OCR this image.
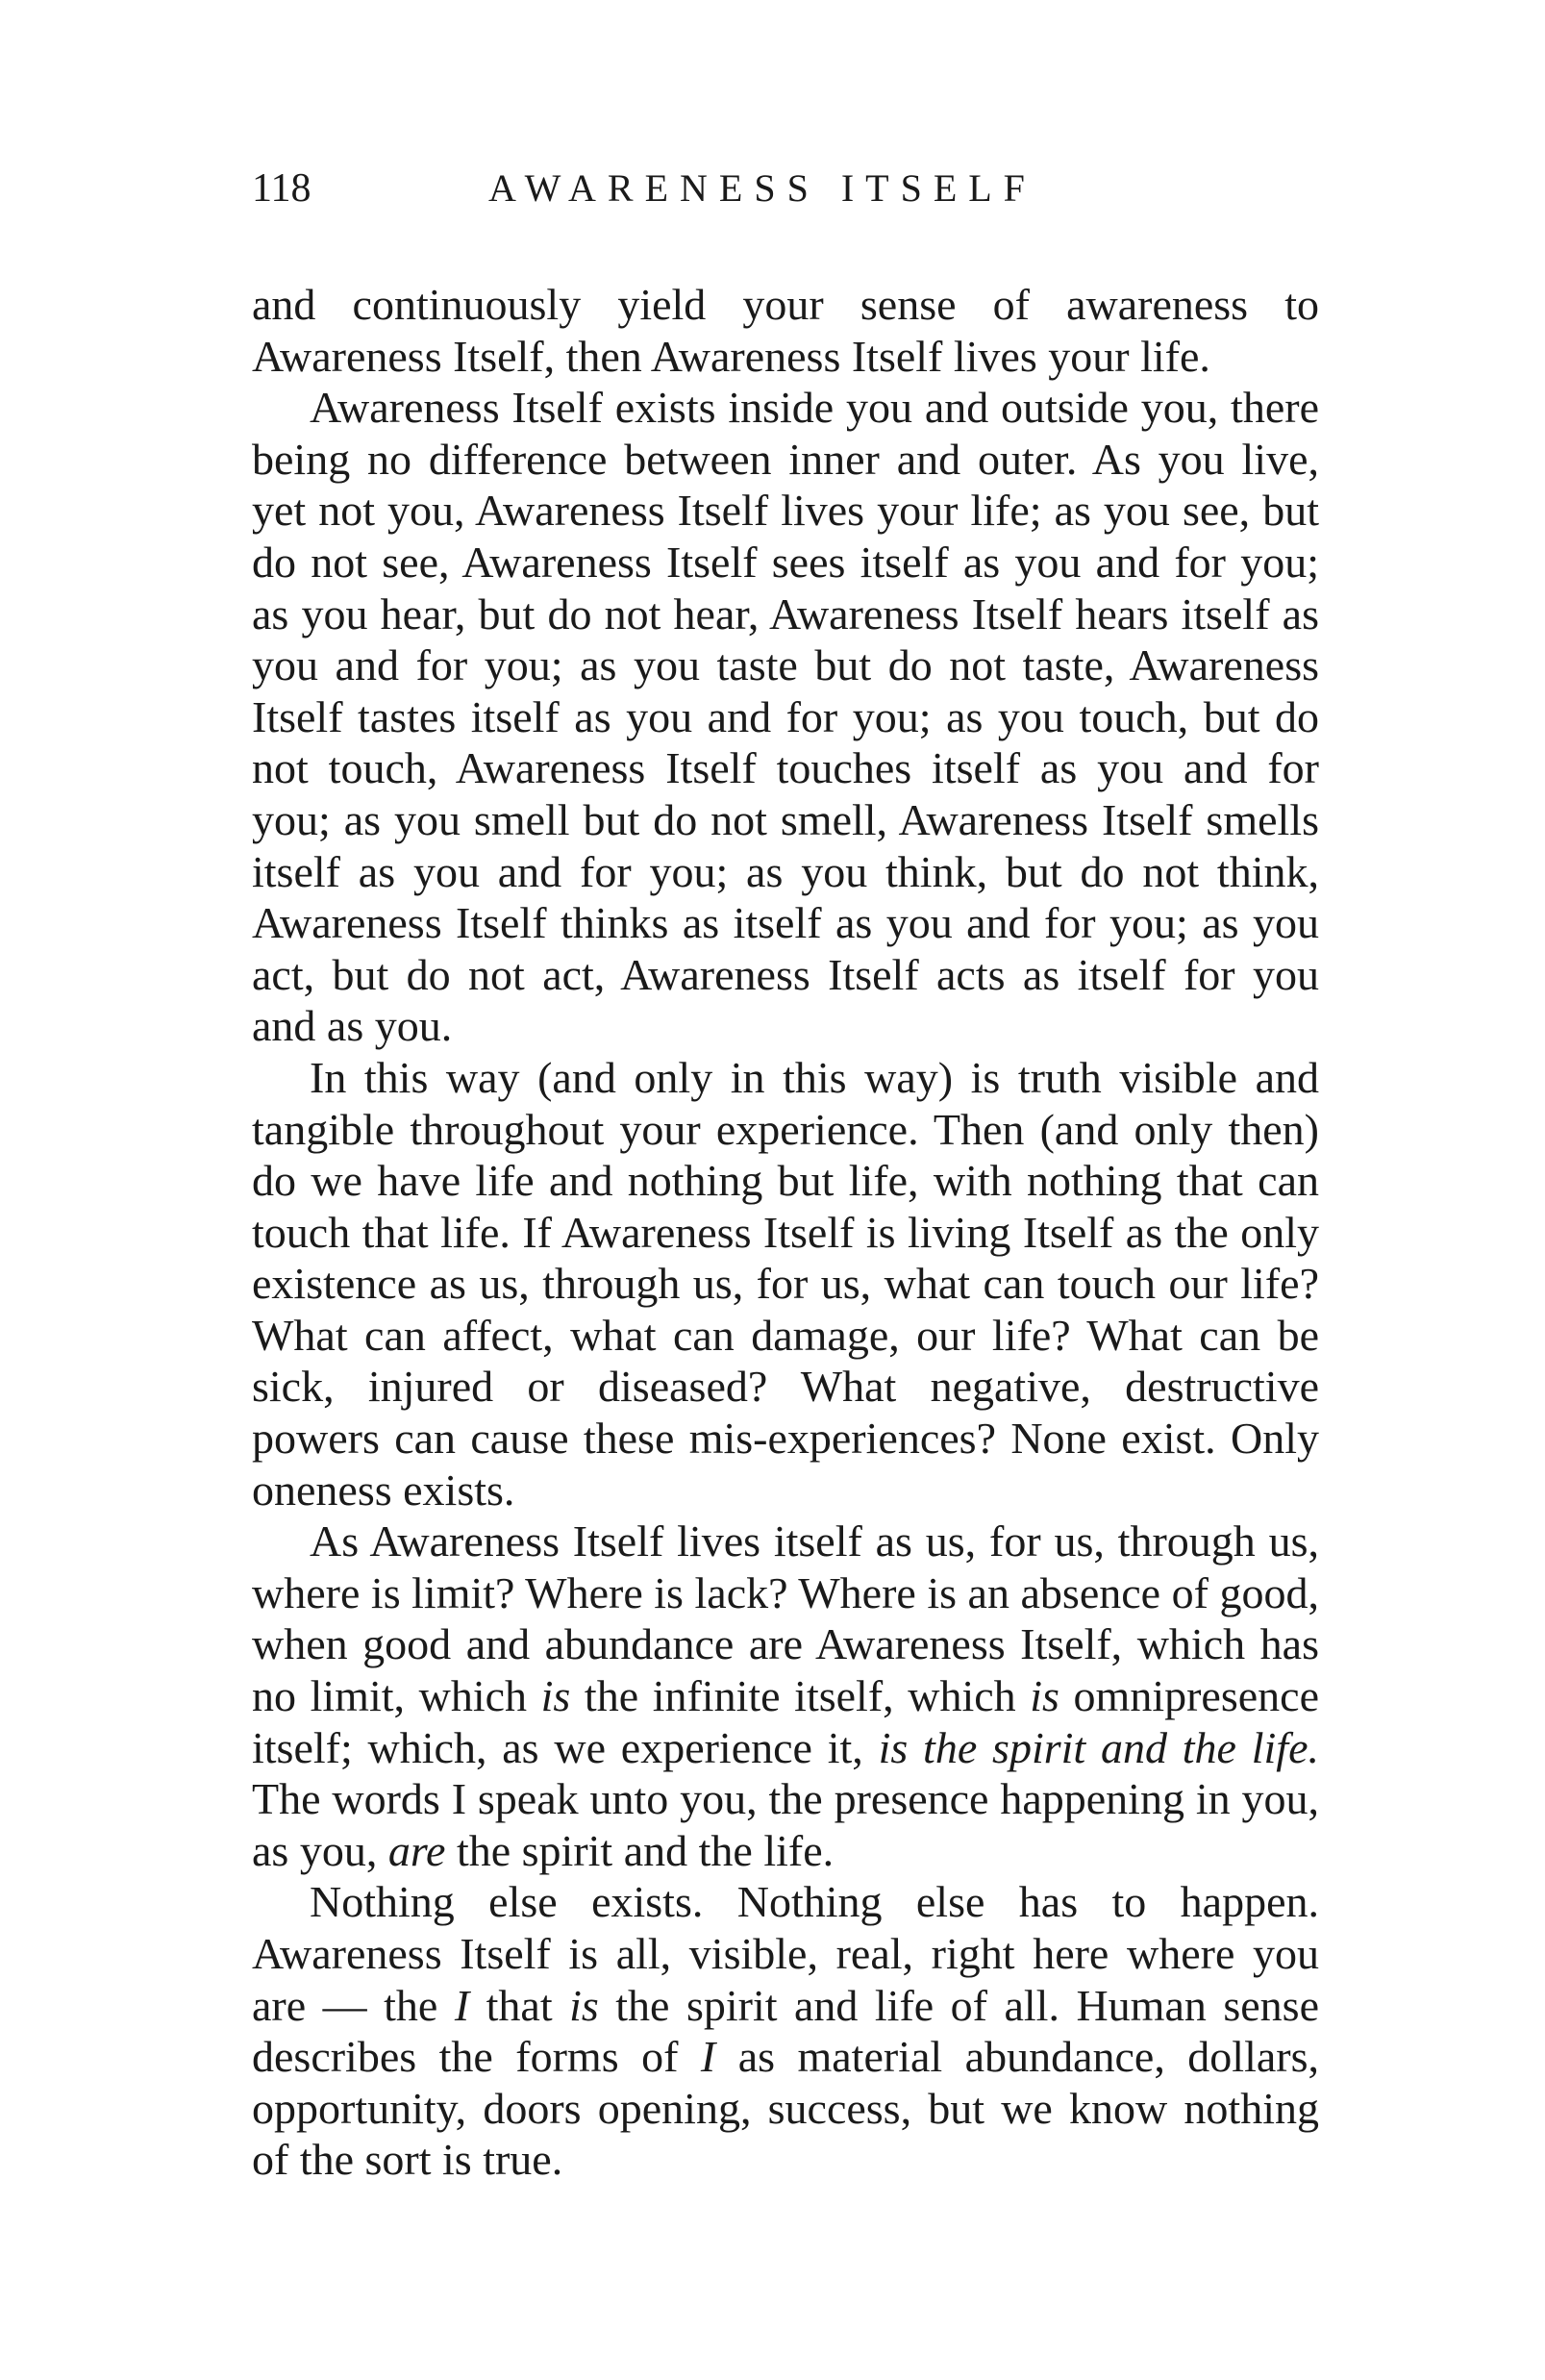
118	AWARENESS ITSELF

and continuously yield your sense of awareness to Awareness Itself, then Awareness Itself lives your life.

Awareness Itself exists inside you and outside you, there being no difference between inner and outer. As you live, yet not you, Awareness Itself lives your life; as you see, but do not see, Awareness Itself sees itself as you and for you; as you hear, but do not hear, Awareness Itself hears itself as you and for you; as you taste but do not taste, Awareness Itself tastes itself as you and for you; as you touch, but do not touch, Awareness Itself touches itself as you and for you; as you smell but do not smell, Awareness Itself smells itself as you and for you; as you think, but do not think, Awareness Itself thinks as itself as you and for you; as you act, but do not act, Awareness Itself acts as itself for you and as you.

In this way (and only in this way) is truth visible and tangible throughout your experience. Then (and only then) do we have life and nothing but life, with nothing that can touch that life. If Awareness Itself is living Itself as the only existence as us, through us, for us, what can touch our life? What can affect, what can damage, our life? What can be sick, injured or diseased? What negative, destructive powers can cause these mis-experiences? None exist. Only oneness exists.

As Awareness Itself lives itself as us, for us, through us, where is limit? Where is lack? Where is an absence of good, when good and abundance are Awareness Itself, which has no limit, which is the infinite itself, which is omnipresence itself; which, as we experience it, is the spirit and the life. The words I speak unto you, the presence happening in you, as you, are the spirit and the life.

Nothing else exists. Nothing else has to happen. Awareness Itself is all, visible, real, right here where you are — the I that is the spirit and life of all. Human sense describes the forms of I as material abundance, dollars, opportunity, doors opening, success, but we know nothing of the sort is true.
